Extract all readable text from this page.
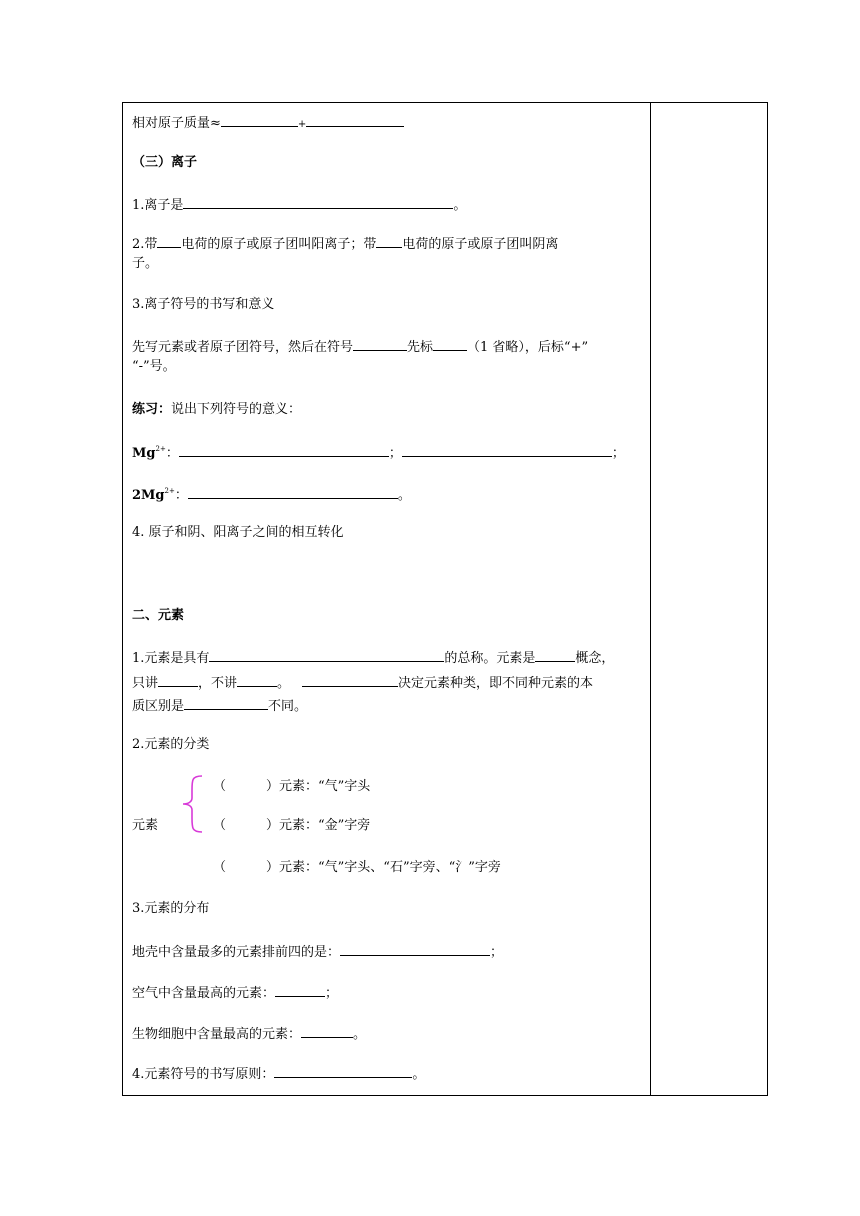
相对原子质量≈	+
（三）离子
1.离子是	。
2.带 电荷的原子或原子团叫阳离子；带 电荷的原子或原子团叫阴离
子。
3.离子符号的书写和意义
先写元素或者原子团符号，然后在符号	先标	（1 省略），后标“+”
“-”号。
练习：说出下列符号的意义：
$Mg^{2+}$：	；	；
$2Mg^{2+}$：	。
4. 原子和阴、阳离子之间的相互转化
二、元素
1.元素是具有	的总称。元素是	概念，
只讲	，不讲	。	决定元素种类，即不同种元素的本
质区别是	不同。
2.元素的分类
（	）元素：“气”字头
元素	（	）元素：“金”字旁
（	）元素：“气”字头、“石”字旁、“氵”字旁
3.元素的分布
地壳中含量最多的元素排前四的是：	；
空气中含量最高的元素：	；
生物细胞中含量最高的元素：	。
4.元素符号的书写原则：	。
